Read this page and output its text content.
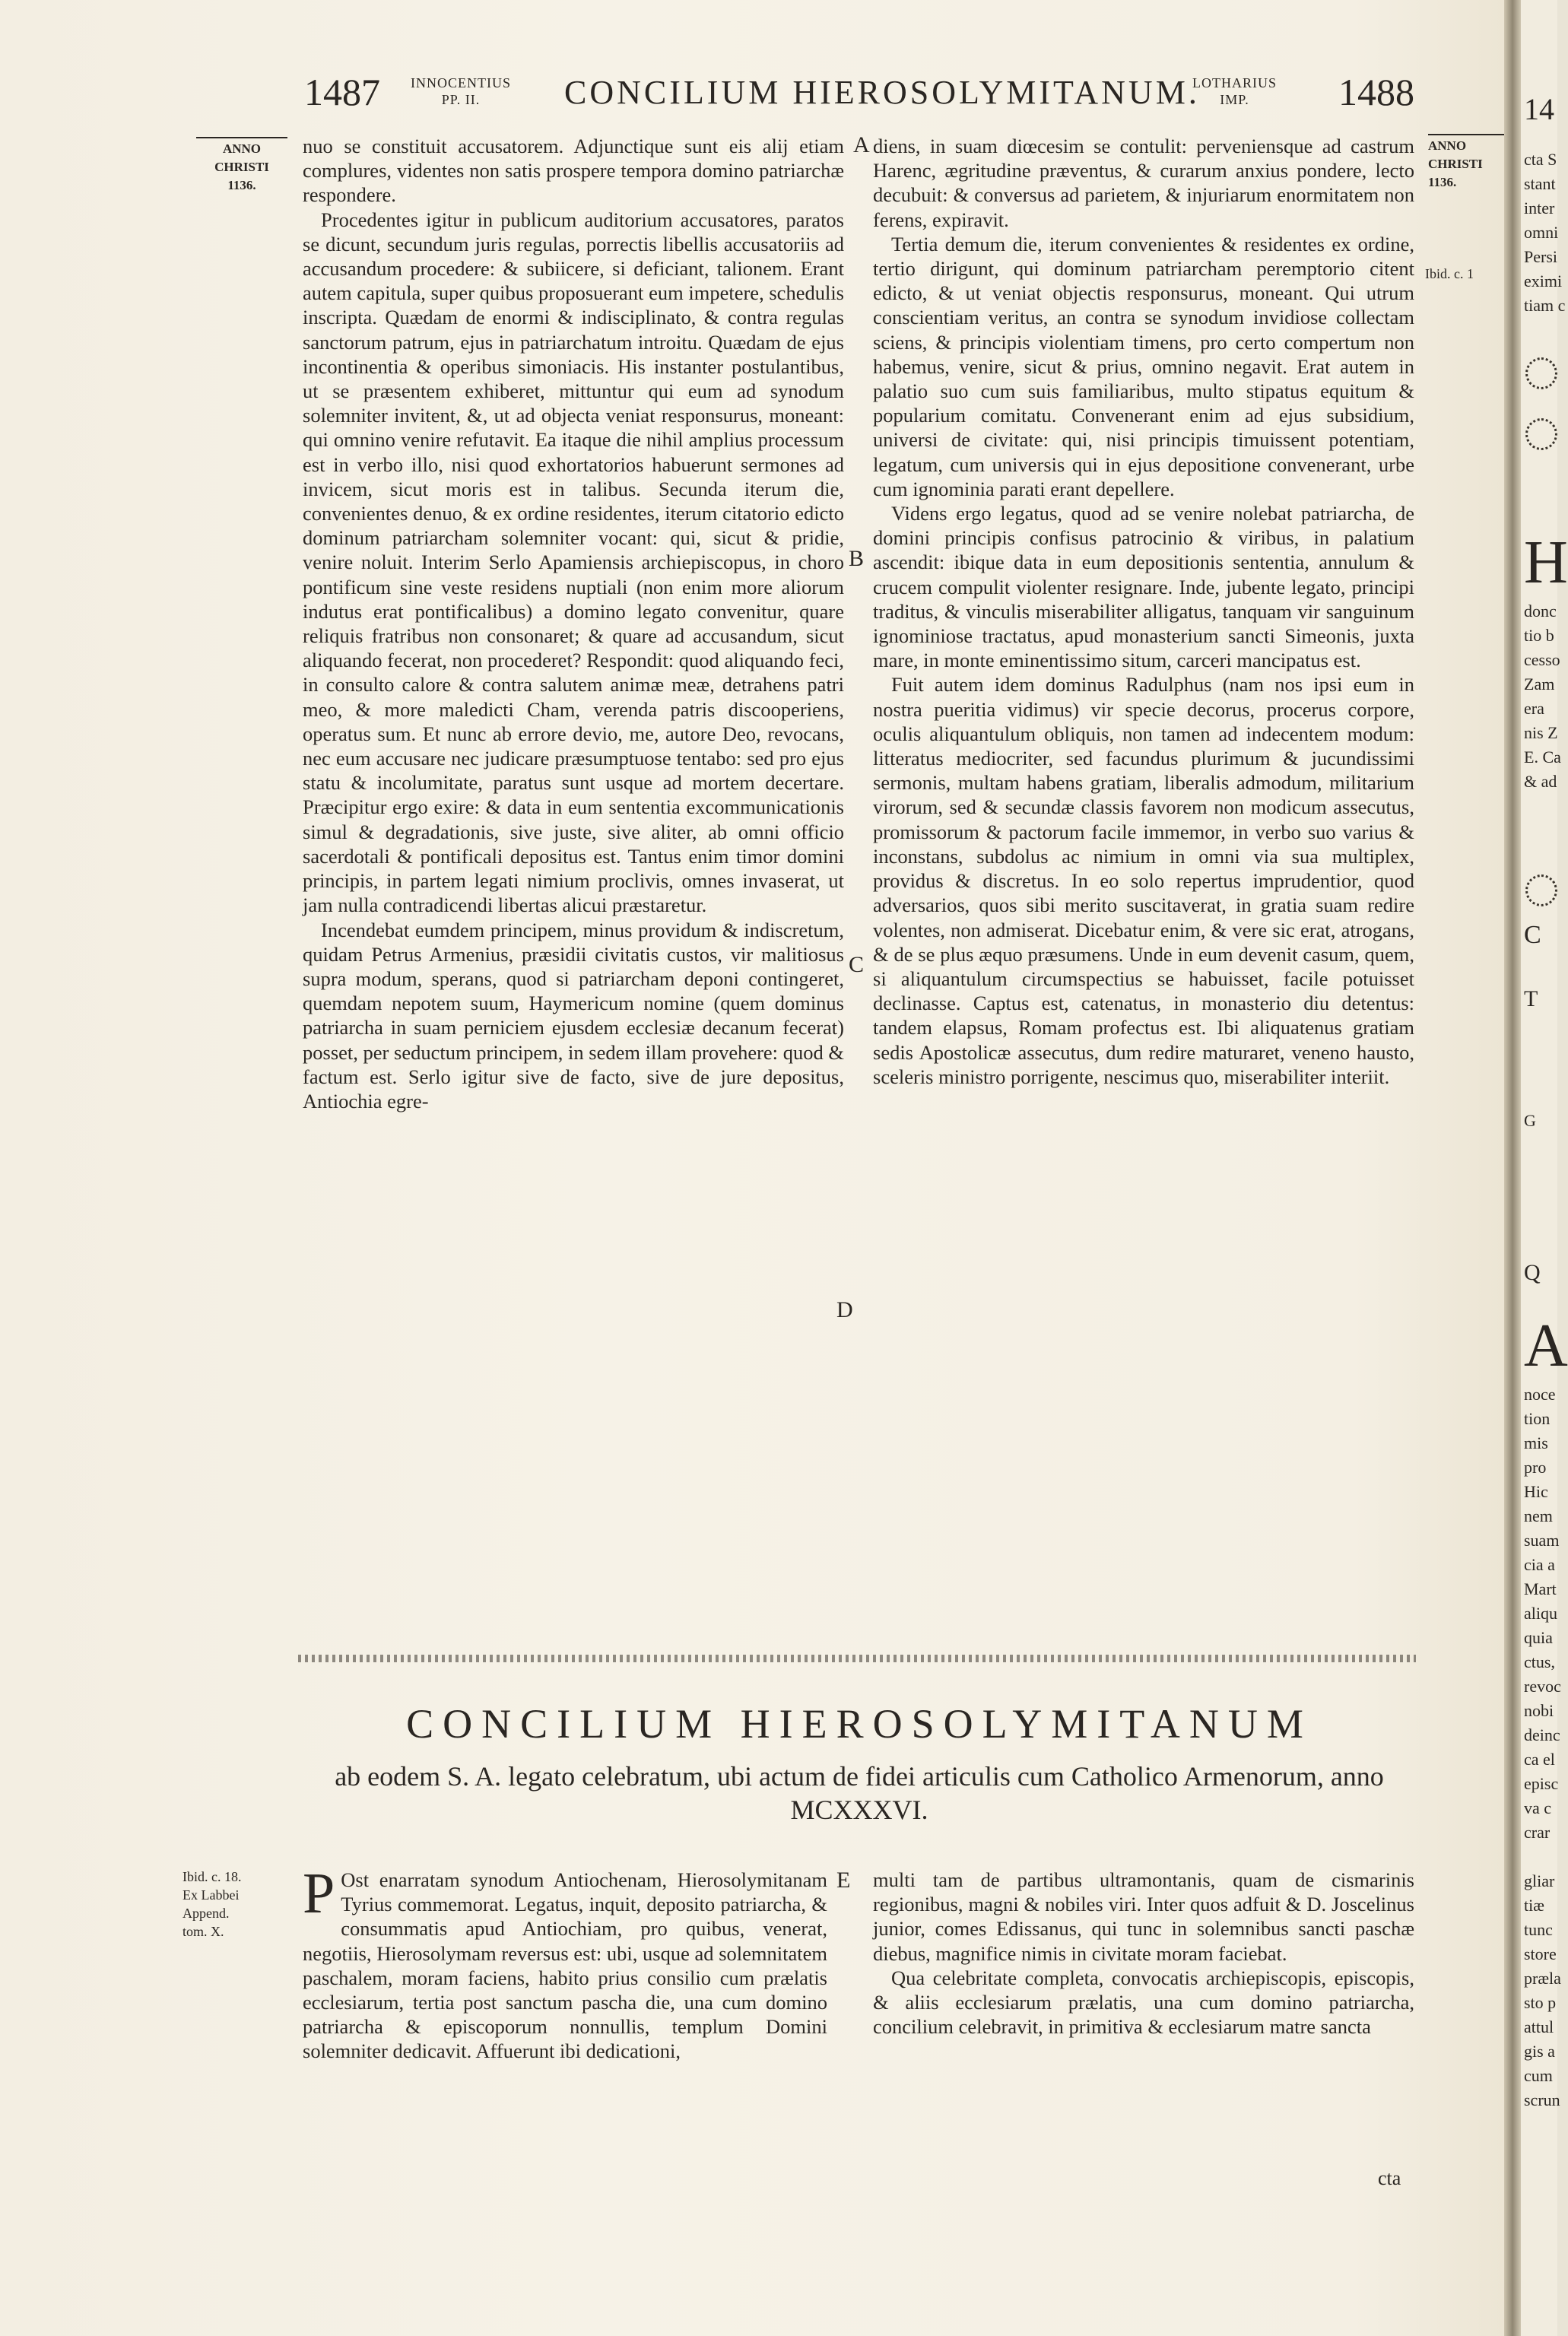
1487 INNOCENTIUS
PP. II.	CONCILIUM HIEROSOLYMITANUM.
LOTHARIUS
IMP.	1488
ANNO
CHRISTI
1136.
ANNO
CHRISTI
1136.
Ibid. c. 1

nuo se constituit accusatorem. Adjunctique sunt eis alij etiam complures, videntes non satis prospere tempora domino patriarchæ respondere.

Procedentes igitur in publicum auditorium accusatores, paratos se dicunt, secundum juris regulas, porrectis libellis accusatoriis ad accusandum procedere: & subiicere, si deficiant, talionem. Erant autem capitula, super quibus proposuerant eum impetere, schedulis inscripta. Quædam de enormi & indisciplinato, & contra regulas sanctorum patrum, ejus in patriarchatum introitu. Quædam de ejus incontinentia & operibus simoniacis. His instanter postulantibus, ut se præsentem exhiberet, mittuntur qui eum ad synodum solemniter invitent, &, ut ad objecta veniat responsurus, moneant: qui omnino venire refutavit. Ea itaque die nihil amplius processum est in verbo illo, nisi quod exhortatorios habuerunt sermones ad invicem, sicut moris est in talibus. Secunda iterum die, convenientes denuo, & ex ordine residentes, iterum citatorio edicto dominum patriarcham solemniter vocant: qui, sicut & pridie, venire noluit. Interim Serlo Apamiensis archiepiscopus, in choro pontificum sine veste residens nuptiali (non enim more aliorum indutus erat pontificalibus) a domino legato convenitur, quare reliquis fratribus non consonaret; & quare ad accusandum, sicut aliquando fecerat, non procederet? Respondit: quod aliquando feci, in consulto calore & contra salutem animæ meæ, detrahens patri meo, & more maledicti Cham, verenda patris discooperiens, operatus sum. Et nunc ab errore devio, me, autore Deo, revocans, nec eum accusare nec judicare præsumptuose tentabo: sed pro ejus statu & incolumitate, paratus sunt usque ad mortem decertare. Præcipitur ergo exire: & data in eum sententia excommunicationis simul & degradationis, sive juste, sive aliter, ab omni officio sacerdotali & pontificali depositus est. Tantus enim timor domini principis, in partem legati nimium proclivis, omnes invaserat, ut jam nulla contradicendi libertas alicui præstaretur.

Incendebat eumdem principem, minus providum & indiscretum, quidam Petrus Armenius, præsidii civitatis custos, vir malitiosus supra modum, sperans, quod si patriarcham deponi contingeret, quemdam nepotem suum, Haymericum nomine (quem dominus patriarcha in suam perniciem ejusdem ecclesiæ decanum fecerat) posset, per seductum principem, in sedem illam provehere: quod & factum est. Serlo igitur sive de facto, sive de jure depositus, Antiochia egre-

A
B
C
D

diens, in suam diœcesim se contulit: perveniensque ad castrum Harenc, ægritudine præventus, & curarum anxius pondere, lecto decubuit: & conversus ad parietem, & injuriarum enormitatem non ferens, expiravit.

Tertia demum die, iterum convenientes & residentes ex ordine, tertio dirigunt, qui dominum patriarcham peremptorio citent edicto, & ut veniat objectis responsurus, moneant. Qui utrum conscientiam veritus, an contra se synodum invidiose collectam sciens, & principis violentiam timens, pro certo compertum non habemus, venire, sicut & prius, omnino negavit. Erat autem in palatio suo cum suis familiaribus, multo stipatus equitum & popularium comitatu. Convenerant enim ad ejus subsidium, universi de civitate: qui, nisi principis timuissent potentiam, legatum, cum universis qui in ejus depositione convenerant, urbe cum ignominia parati erant depellere.

Videns ergo legatus, quod ad se venire nolebat patriarcha, de domini principis confisus patrocinio & viribus, in palatium ascendit: ibique data in eum depositionis sententia, annulum & crucem compulit violenter resignare. Inde, jubente legato, principi traditus, & vinculis miserabiliter alligatus, tanquam vir sanguinum ignominiose tractatus, apud monasterium sancti Simeonis, juxta mare, in monte eminentissimo situm, carceri mancipatus est.

Fuit autem idem dominus Radulphus (nam nos ipsi eum in nostra pueritia vidimus) vir specie decorus, procerus corpore, oculis aliquantulum obliquis, non tamen ad indecentem modum: litteratus mediocriter, sed facundus plurimum & jucundissimi sermonis, multam habens gratiam, liberalis admodum, militarium virorum, sed & secundæ classis favorem non modicum assecutus, promissorum & pactorum facile immemor, in verbo suo varius & inconstans, subdolus ac nimium in omni via sua multiplex, providus & discretus. In eo solo repertus imprudentior, quod adversarios, quos sibi merito suscitaverat, in gratia suam redire volentes, non admiserat. Dicebatur enim, & vere sic erat, atrogans, & de se plus æquo præsumens. Unde in eum devenit casum, quem, si aliquantulum circumspectius se habuisset, facile potuisset declinasse. Captus est, catenatus, in monasterio diu detentus: tandem elapsus, Romam profectus est. Ibi aliquatenus gratiam sedis Apostolicæ assecutus, dum redire maturaret, veneno hausto, sceleris ministro porrigente, nescimus quo, miserabiliter interiit.

CONCILIUM HIEROSOLYMITANUM
ab eodem S. A. legato celebratum, ubi actum de fidei articulis cum Catholico Armenorum, anno MCXXXVI.
Ibid. c. 18.
Ex Labbei
Append.
tom. X.

P Ost enarratam synodum Antiochenam, Hierosolymitanam Tyrius commemorat. Legatus, inquit, deposito patriarcha, & consummatis apud Antiochiam, pro quibus, venerat, negotiis, Hierosolymam reversus est: ubi, usque ad solemnitatem paschalem, moram faciens, habito prius consilio cum prælatis ecclesiarum, tertia post sanctum pascha die, una cum domino patriarcha & episcoporum nonnullis, templum Domini solemniter dedicavit. Affuerunt ibi dedicationi,

E multi tam de partibus ultramontanis, quam de cismarinis regionibus, magni & nobiles viri. Inter quos adfuit & D. Joscelinus junior, comes Edissanus, qui tunc in solemnibus sancti paschæ diebus, magnifice nimis in civitate moram faciebat.

Qua celebritate completa, convocatis archiepiscopis, episcopis, & aliis ecclesiarum prælatis, una cum domino patriarcha, concilium celebravit, in primitiva & ecclesiarum matre sancta

cta
14
cta S
stant
inter
omni
Persi
eximi
tiam c
H
donc
tio b
cesso
Zam
era
nis Z
E. Ca
& ad
C
T
G
Q
A
noce
tion
mis
pro
Hic
nem
suam
cia a
Mart
aliqu
quia
ctus,
revoc
nobi
deinc
ca el
episc
va c
crar
gliar
tiæ
tunc
store
præla
sto p
attul
gis a
cum
scrun
